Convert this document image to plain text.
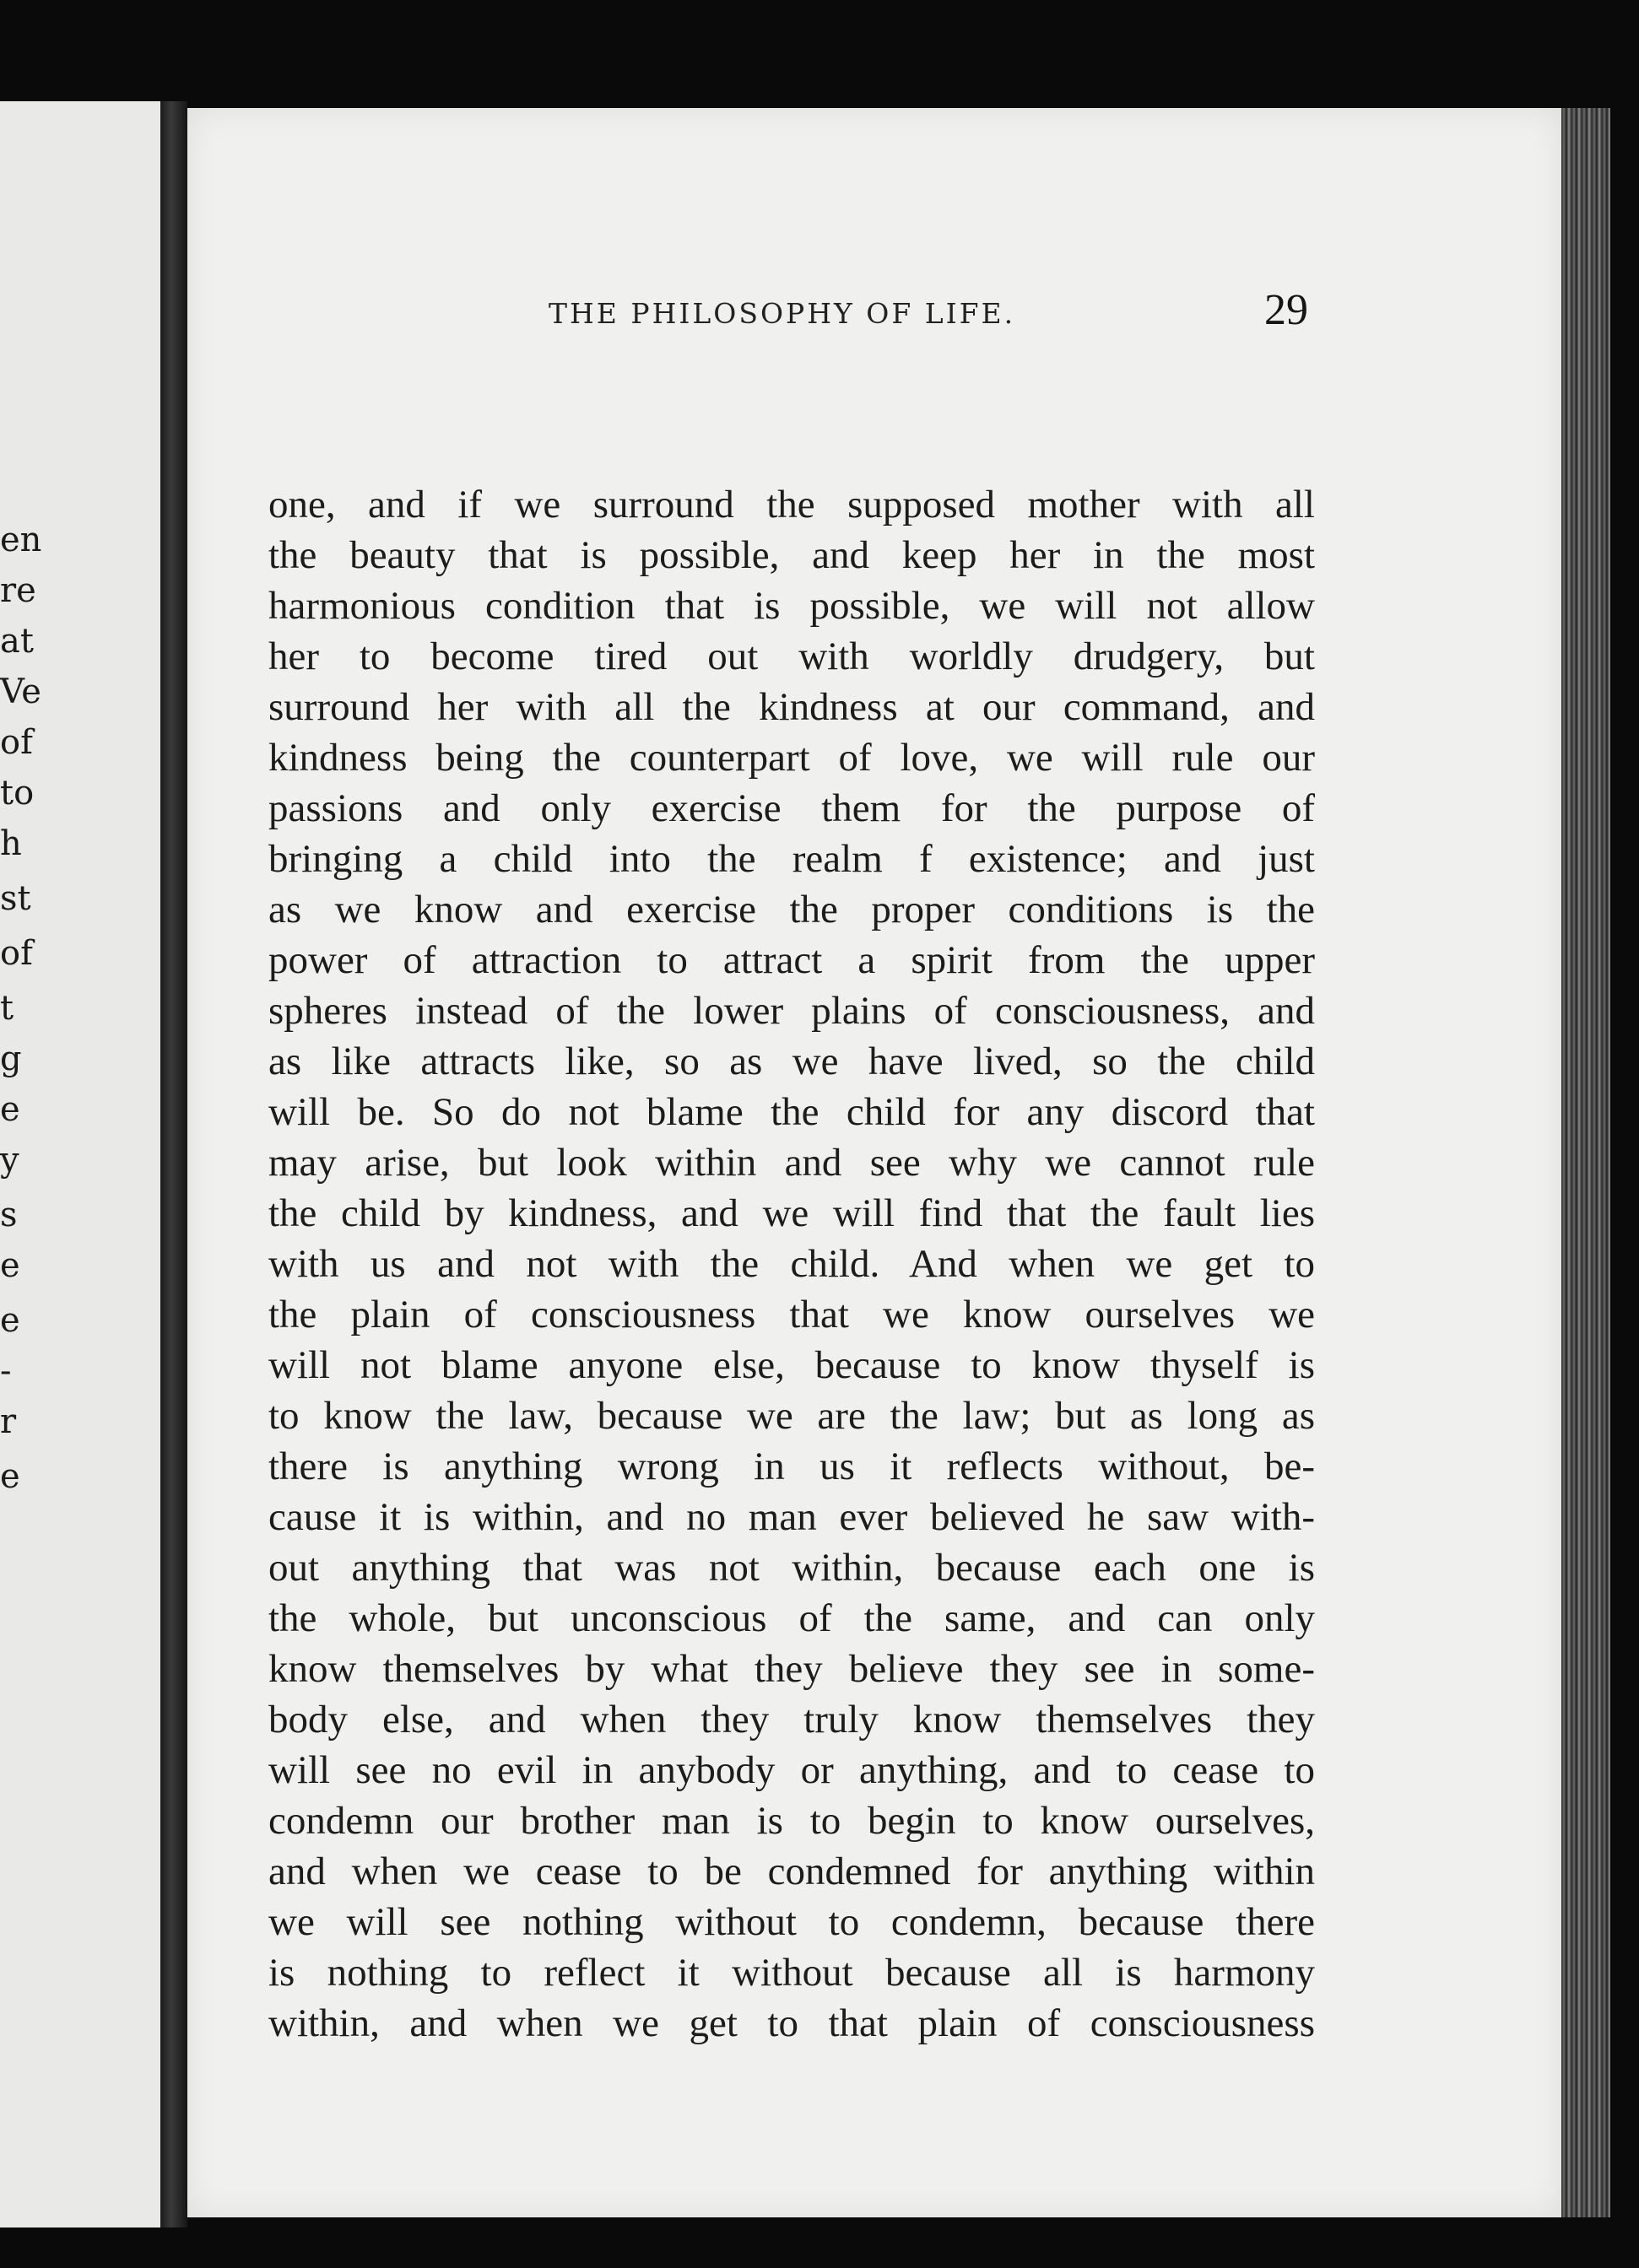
en
re
at
Ve
of
to
h
st
of
t
g
e
y
s
e
e
-
r
e
THE PHILOSOPHY OF LIFE.	29
one, and if we surround the supposed mother with all
the beauty that is possible, and keep her in the most
harmonious condition that is possible, we will not allow
her to become tired out with worldly drudgery, but
surround her with all the kindness at our command, and
kindness being the counterpart of love, we will rule our
passions and only exercise them for the purpose of
bringing a child into the realm f existence; and just
as we know and exercise the proper conditions is the
power of attraction to attract a spirit from the upper
spheres instead of the lower plains of consciousness, and
as like attracts like, so as we have lived, so the child
will be. So do not blame the child for any discord that
may arise, but look within and see why we cannot rule
the child by kindness, and we will find that the fault lies
with us and not with the child. And when we get to
the plain of consciousness that we know ourselves we
will not blame anyone else, because to know thyself is
to know the law, because we are the law; but as long as
there is anything wrong in us it reflects without, be-
cause it is within, and no man ever believed he saw with-
out anything that was not within, because each one is
the whole, but unconscious of the same, and can only
know themselves by what they believe they see in some-
body else, and when they truly know themselves they
will see no evil in anybody or anything, and to cease to
condemn our brother man is to begin to know ourselves,
and when we cease to be condemned for anything within
we will see nothing without to condemn, because there
is nothing to reflect it without because all is harmony
within, and when we get to that plain of consciousness
